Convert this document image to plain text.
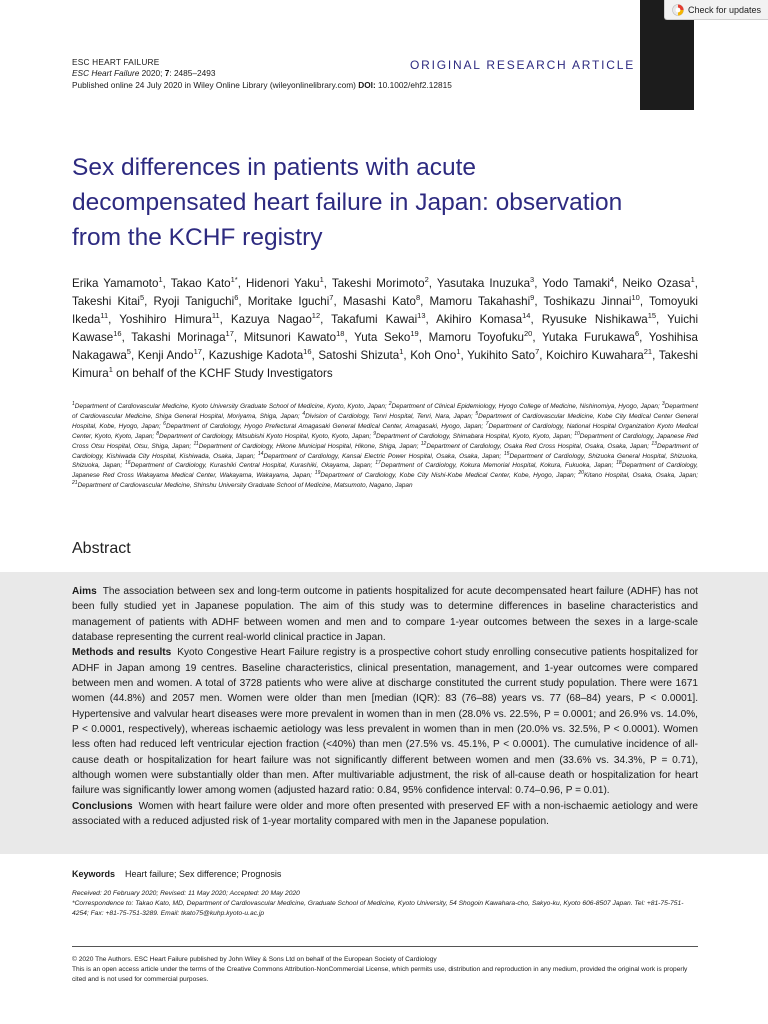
Check for updates
ESC HEART FAILURE
ESC Heart Failure 2020; 7: 2485–2493
Published online 24 July 2020 in Wiley Online Library (wileyonlinelibrary.com) DOI: 10.1002/ehf2.12815
ORIGINAL RESEARCH ARTICLE
Sex differences in patients with acute decompensated heart failure in Japan: observation from the KCHF registry
Erika Yamamoto$^1$, Takao Kato$^{1*}$, Hidenori Yaku$^1$, Takeshi Morimoto$^2$, Yasutaka Inuzuka$^3$, Yodo Tamaki$^4$, Neiko Ozasa$^1$, Takeshi Kitai$^5$, Ryoji Taniguchi$^6$, Moritake Iguchi$^7$, Masashi Kato$^8$, Mamoru Takahashi$^9$, Toshikazu Jinnai$^{10}$, Tomoyuki Ikeda$^{11}$, Yoshihiro Himura$^{11}$, Kazuya Nagao$^{12}$, Takafumi Kawai$^{13}$, Akihiro Komasa$^{14}$, Ryusuke Nishikawa$^{15}$, Yuichi Kawase$^{16}$, Takashi Morinaga$^{17}$, Mitsunori Kawato$^{18}$, Yuta Seko$^{19}$, Mamoru Toyofuku$^{20}$, Yutaka Furukawa$^6$, Yoshihisa Nakagawa$^5$, Kenji Ando$^{17}$, Kazushige Kadota$^{16}$, Satoshi Shizuta$^1$, Koh Ono$^1$, Yukihito Sato$^7$, Koichiro Kuwahara$^{21}$, Takeshi Kimura$^1$ on behalf of the KCHF Study Investigators
$^1$Department of Cardiovascular Medicine, Kyoto University Graduate School of Medicine, Kyoto, Kyoto, Japan; $^2$Department of Clinical Epidemiology, Hyogo College of Medicine, Nishinomiya, Hyogo, Japan; $^3$Department of Cardiovascular Medicine, Shiga General Hospital, Moriyama, Shiga, Japan; $^4$Division of Cardiology, Tenri Hospital, Tenri, Nara, Japan; $^5$Department of Cardiovascular Medicine, Kobe City Medical Center General Hospital, Kobe, Hyogo, Japan; $^6$Department of Cardiology, Hyogo Prefectural Amagasaki General Medical Center, Amagasaki, Hyogo, Japan; $^7$Department of Cardiology, National Hospital Organization Kyoto Medical Center, Kyoto, Kyoto, Japan; $^8$Department of Cardiology, Mitsubishi Kyoto Hospital, Kyoto, Kyoto, Japan; $^9$Department of Cardiology, Shimabara Hospital, Kyoto, Kyoto, Japan; $^{10}$Department of Cardiology, Japanese Red Cross Otsu Hospital, Otsu, Shiga, Japan; $^{11}$Department of Cardiology, Hikone Municipal Hospital, Hikone, Shiga, Japan; $^{12}$Department of Cardiology, Osaka Red Cross Hospital, Osaka, Osaka, Japan; $^{13}$Department of Cardiology, Kishiwada City Hospital, Kishiwada, Osaka, Japan; $^{14}$Department of Cardiology, Kansai Electric Power Hospital, Osaka, Osaka, Japan; $^{15}$Department of Cardiology, Shizuoka General Hospital, Shizuoka, Shizuoka, Japan; $^{16}$Department of Cardiology, Kurashiki Central Hospital, Kurashiki, Okayama, Japan; $^{17}$Department of Cardiology, Kokura Memorial Hospital, Kokura, Fukuoka, Japan; $^{18}$Department of Cardiology, Japanese Red Cross Wakayama Medical Center, Wakayama, Wakayama, Japan; $^{19}$Department of Cardiology, Kobe City Nishi-Kobe Medical Center, Kobe, Hyogo, Japan; $^{20}$Kitano Hospital, Osaka, Osaka, Japan; $^{21}$Department of Cardiovascular Medicine, Shinshu University Graduate School of Medicine, Matsumoto, Nagano, Japan
Abstract

Aims The association between sex and long-term outcome in patients hospitalized for acute decompensated heart failure (ADHF) has not been fully studied yet in Japanese population. The aim of this study was to determine differences in baseline characteristics and management of patients with ADHF between women and men and to compare 1-year outcomes between the sexes in a large-scale database representing the current real-world clinical practice in Japan.

Methods and results Kyoto Congestive Heart Failure registry is a prospective cohort study enrolling consecutive patients hospitalized for ADHF in Japan among 19 centres. Baseline characteristics, clinical presentation, management, and 1-year outcomes were compared between men and women. A total of 3728 patients who were alive at discharge constituted the current study population. There were 1671 women (44.8%) and 2057 men. Women were older than men [median (IQR): 83 (76–88) years vs. 77 (68–84) years, P < 0.0001]. Hypertensive and valvular heart diseases were more prevalent in women than in men (28.0% vs. 22.5%, P = 0.0001; and 26.9% vs. 14.0%, P < 0.0001, respectively), whereas ischaemic aetiology was less prevalent in women than in men (20.0% vs. 32.5%, P < 0.0001). Women less often had reduced left ventricular ejection fraction (<40%) than men (27.5% vs. 45.1%, P < 0.0001). The cumulative incidence of all-cause death or hospitalization for heart failure was not significantly different between women and men (33.6% vs. 34.3%, P = 0.71), although women were substantially older than men. After multivariable adjustment, the risk of all-cause death or hospitalization for heart failure was significantly lower among women (adjusted hazard ratio: 0.84, 95% confidence interval: 0.74–0.96, P = 0.01).

Conclusions Women with heart failure were older and more often presented with preserved EF with a non-ischaemic aetiology and were associated with a reduced adjusted risk of 1-year mortality compared with men in the Japanese population.

Keywords Heart failure; Sex difference; Prognosis
Received: 20 February 2020; Revised: 11 May 2020; Accepted: 20 May 2020
*Correspondence to: Takao Kato, MD, Department of Cardiovascular Medicine, Graduate School of Medicine, Kyoto University, 54 Shogoin Kawahara-cho, Sakyo-ku, Kyoto 606-8507 Japan. Tel: +81-75-751-4254; Fax: +81-75-751-3289. Email: tkato75@kuhp.kyoto-u.ac.jp
© 2020 The Authors. ESC Heart Failure published by John Wiley & Sons Ltd on behalf of the European Society of Cardiology
This is an open access article under the terms of the Creative Commons Attribution-NonCommercial License, which permits use, distribution and reproduction in any medium, provided the original work is properly cited and is not used for commercial purposes.
